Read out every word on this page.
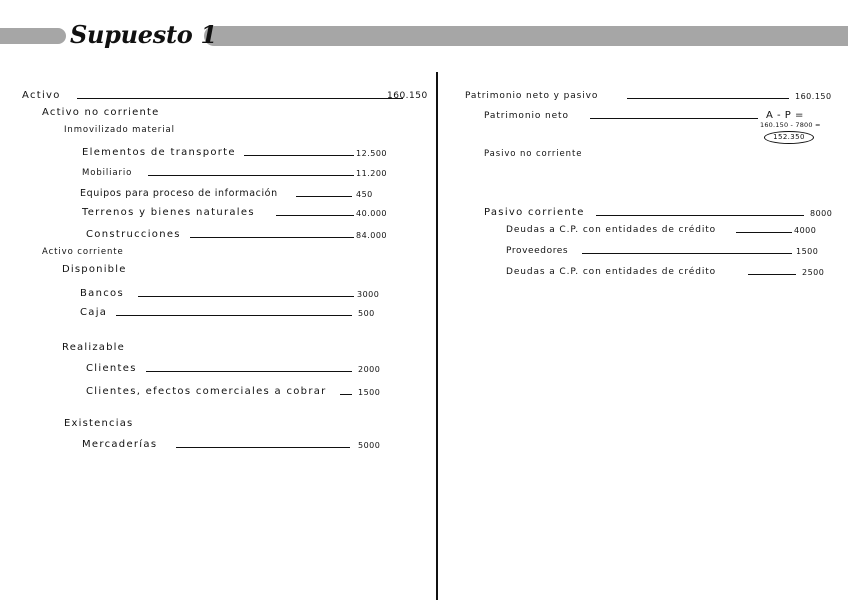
Supuesto 1
Activo	160.150
Activo no corriente
Inmovilizado material
Elementos de transporte	12.500
Mobiliario	11.200
Equipos para proceso de información	450
Terrenos y bienes naturales	40.000
Construcciones	84.000
Activo corriente
Disponible
Bancos	3000
Caja	500
Realizable
Clientes	2000
Clientes, efectos comerciales a cobrar	1500
Existencias
Mercaderías	5000
Patrimonio neto y pasivo	160.150
Patrimonio neto	A - P =
160.150 - 7800 =
152.350
Pasivo no corriente
Pasivo corriente	8000
Deudas a C.P. con entidades de crédito	4000
Proveedores	1500
Deudas a C.P. con entidades de crédito	2500
